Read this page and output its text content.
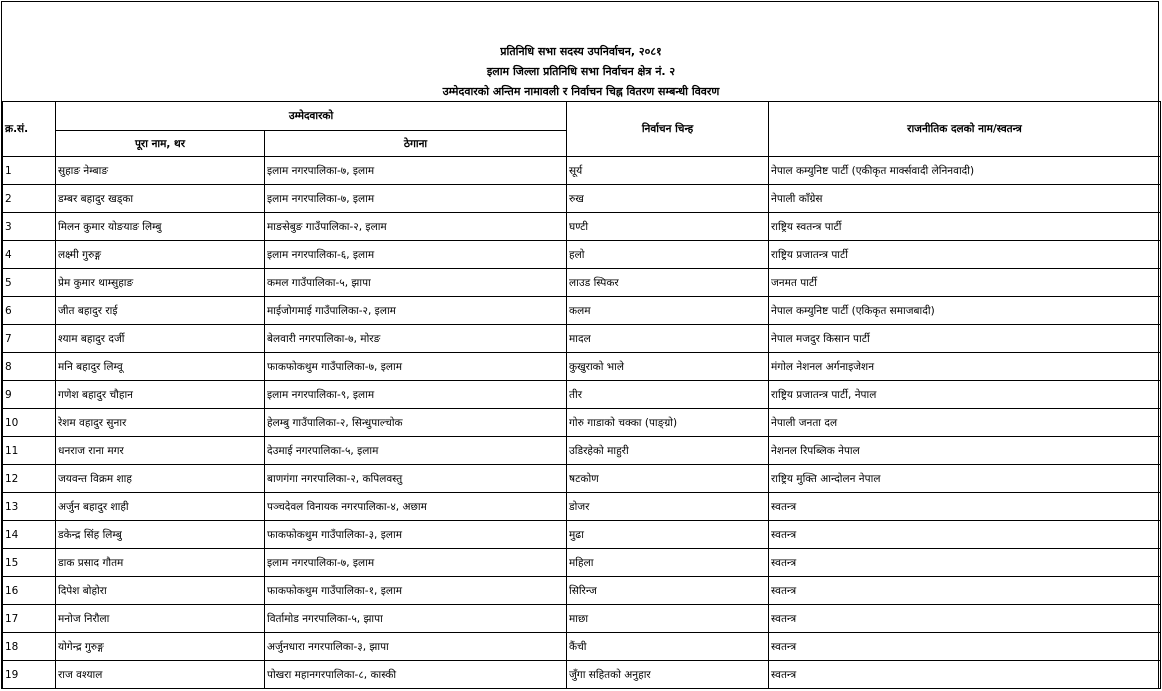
प्रतिनिधि सभा सदस्य उपनिर्वाचन, २०८१
इलाम जिल्ला प्रतिनिधि सभा निर्वाचन क्षेत्र नं. २
उम्मेदवारको अन्तिम नामावली र निर्वाचन चिह्न वितरण सम्बन्धी विवरण
क्र.सं.	उम्मेदवारको		निर्वाचन चिन्ह	राजनीतिक दलको नाम/स्वतन्त्र
	पूरा नाम, थर	ठेगाना		
1	सुहाङ नेम्बाङ	इलाम नगरपालिका-७, इलाम	सूर्य	नेपाल कम्युनिष्ट पार्टी (एकीकृत मार्क्सवादी लेनिनवादी)
2	डम्बर बहादुर खड्का	इलाम नगरपालिका-७, इलाम	रुख	नेपाली कॉंग्रेस
3	मिलन कुमार योङयाङ लिम्बु	माङसेबुङ गाउँपालिका-२, इलाम	घण्टी	राष्ट्रिय स्वतन्त्र पार्टी
4	लक्ष्मी गुरुङ्ग	इलाम नगरपालिका-६, इलाम	हलो	राष्ट्रिय प्रजातन्त्र पार्टी
5	प्रेम कुमार थाम्सुहाङ	कमल गाउँपालिका-५, झापा	लाउड स्पिकर	जनमत पार्टी
6	जीत बहादुर राई	माईजोगमाई गाउँपालिका-२, इलाम	कलम	नेपाल कम्युनिष्ट पार्टी (एकिकृत समाजबादी)
7	श्याम बहादुर दर्जी	बेलवारी नगरपालिका-७, मोरङ	मादल	नेपाल मजदुर किसान पार्टी
8	मनि बहादुर लिम्वू	फाकफोकथुम गाउँपालिका-७, इलाम	कुखुराको भाले	मंगोल नेशनल अर्गनाइजेशन
9	गणेश बहादुर चौहान	इलाम नगरपालिका-९, इलाम	तीर	राष्ट्रिय प्रजातन्त्र पार्टी, नेपाल
10	रेशम वहादुर सुनार	हेलम्बु गाउँपालिका-२, सिन्धुपाल्चोक	गोरु गाडाको चक्का (पाङ्ग्रो)	नेपाली जनता दल
11	धनराज राना मगर	देउमाई नगरपालिका-५, इलाम	उडिरहेको माहुरी	नेशनल रिपब्लिक नेपाल
12	जयवन्त विक्रम शाह	बाणगंगा नगरपालिका-२, कपिलवस्तु	षटकोण	राष्ट्रिय मुक्ति आन्दोलन नेपाल
13	अर्जुन बहादुर शाही	पञ्चदेवल विनायक नगरपालिका-४, अछाम	डोजर	स्वतन्त्र
14	डकेन्द्र सिंह लिम्बु	फाकफोकथुम गाउँपालिका-३, इलाम	मुढा	स्वतन्त्र
15	डाक प्रसाद गौतम	इलाम नगरपालिका-७, इलाम	महिला	स्वतन्त्र
16	दिपेश बोहोरा	फाकफोकथुम गाउँपालिका-१, इलाम	सिरिन्ज	स्वतन्त्र
17	मनोज निरौला	विर्तामोड नगरपालिका-५, झापा	माछा	स्वतन्त्र
18	योगेन्द्र गुरुङ्ग	अर्जुनधारा नगरपालिका-३, झापा	कैंची	स्वतन्त्र
19	राज वश्याल	पोखरा महानगरपालिका-८, कास्की	जुँगा सहितको अनुहार	स्वतन्त्र
